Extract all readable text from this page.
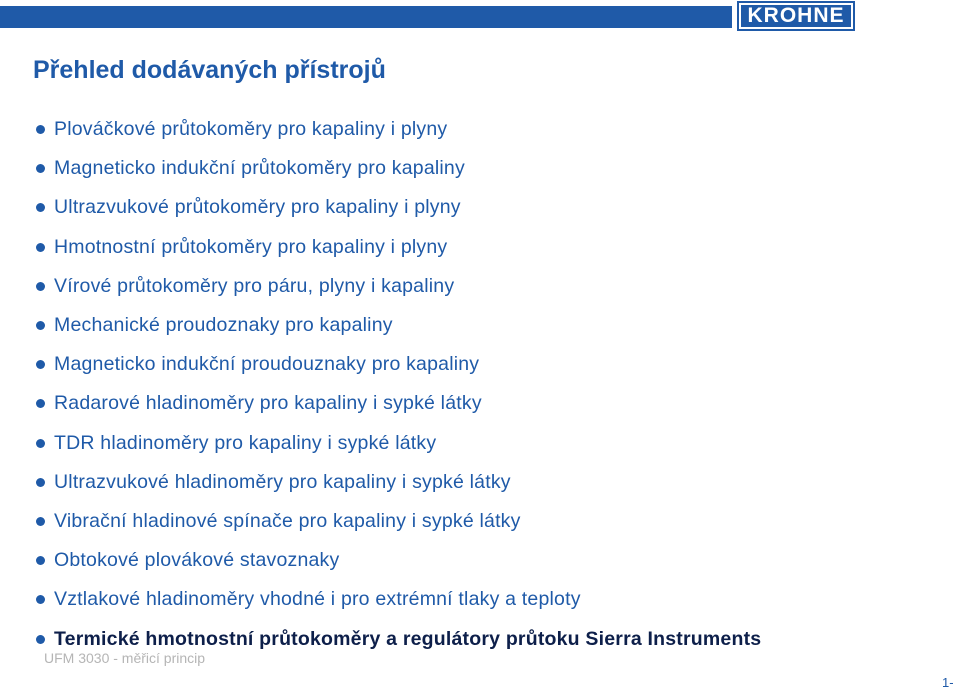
KROHNE
Přehled dodávaných přístrojů
Plováčkové průtokoměry pro kapaliny i plyny
Magneticko indukční průtokoměry pro kapaliny
Ultrazvukové průtokoměry pro kapaliny i plyny
Hmotnostní průtokoměry pro kapaliny i plyny
Vírové průtokoměry pro páru, plyny i kapaliny
Mechanické proudoznaky pro kapaliny
Magneticko indukční proudouznaky pro kapaliny
Radarové hladinoměry pro kapaliny i sypké látky
TDR hladinoměry pro kapaliny i sypké látky
Ultrazvukové hladinoměry pro kapaliny i sypké látky
Vibrační hladinové spínače pro kapaliny i sypké látky
Obtokové plovákové stavoznaky
Vztlakové hladinoměry vhodné i pro extrémní tlaky a teploty
Termické hmotnostní průtokoměry a regulátory průtoku Sierra Instruments
UFM 3030 - měřicí princip
1-
